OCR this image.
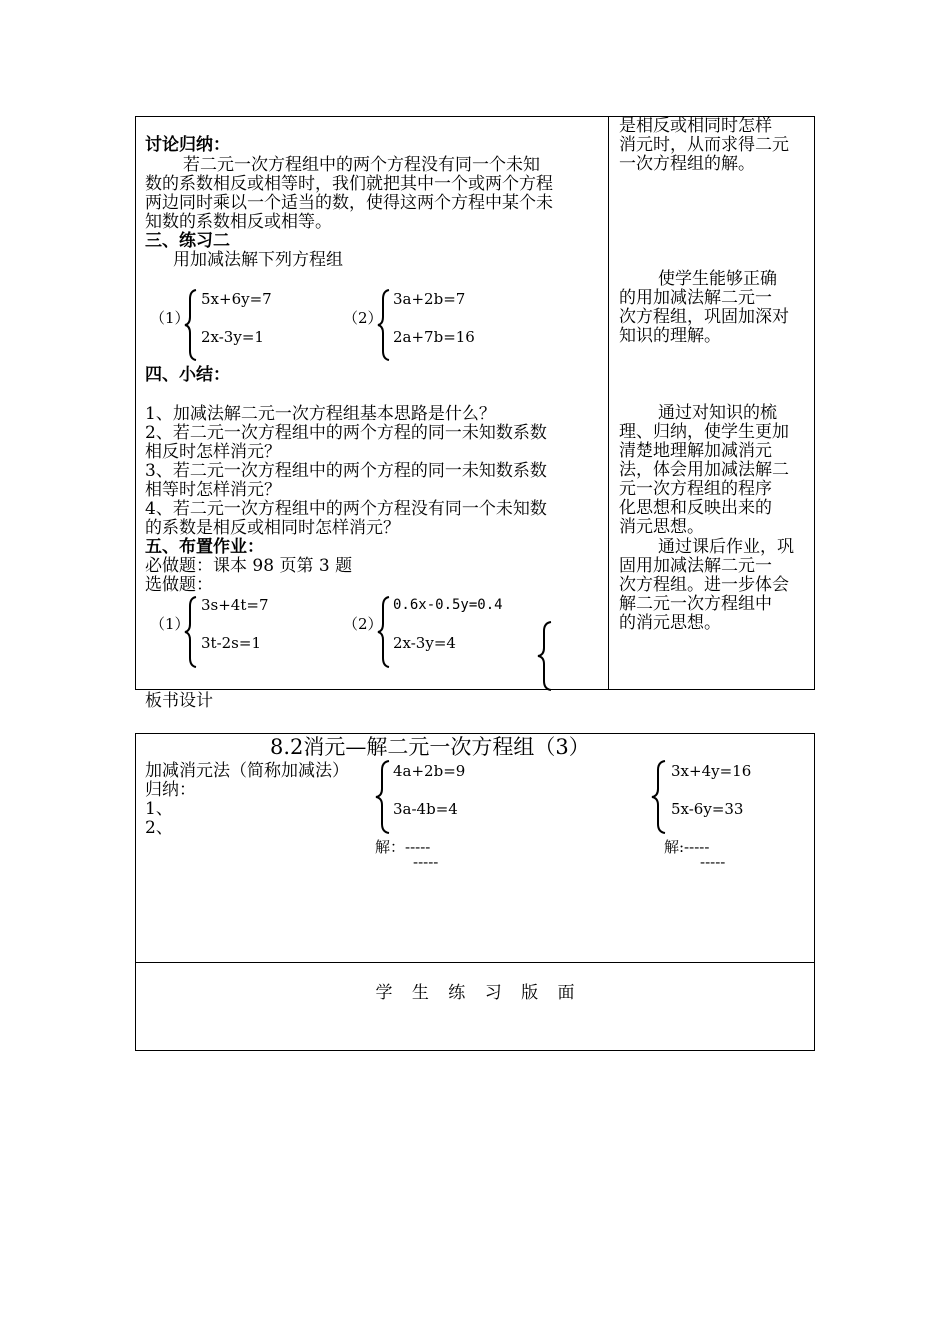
讨论归纳：
若二元一次方程组中的两个方程没有同一个未知
数的系数相反或相等时，我们就把其中一个或两个方程
两边同时乘以一个适当的数，使得这两个方程中某个未
知数的系数相反或相等。
三、练习二
用加减法解下列方程组
（1）
5x+6y=7
2x-3y=1
（2）
3a+2b=7
2a+7b=16
四、小结：
1、加减法解二元一次方程组基本思路是什么？
2、若二元一次方程组中的两个方程的同一未知数系数
相反时怎样消元？
3、若二元一次方程组中的两个方程的同一未知数系数
相等时怎样消元？
4、若二元一次方程组中的两个方程没有同一个未知数
的系数是相反或相同时怎样消元？
五、布置作业：
必做题：课本 98 页第 3 题
选做题：
（1）
3s+4t=7
3t-2s=1
（2）
0.6x-0.5y=0.4
2x-3y=4
是相反或相同时怎样
消元时，从而求得二元
一次方程组的解。
使学生能够正确
的用加减法解二元一
次方程组，巩固加深对
知识的理解。
通过对知识的梳
理、归纳，使学生更加
清楚地理解加减消元
法，体会用加减法解二
元一次方程组的程序
化思想和反映出来的
消元思想。
通过课后作业，巩
固用加减法解二元一
次方程组。进一步体会
解二元一次方程组中
的消元思想。
板书设计
8.2消元—解二元一次方程组（3）
加减消元法（简称加减法）
归纳：
1、
2、
4a+2b=9
3a-4b=4
解：-----
-----
3x+4y=16
5x-6y=33
解:-----
-----
学 生 练 习 版 面
